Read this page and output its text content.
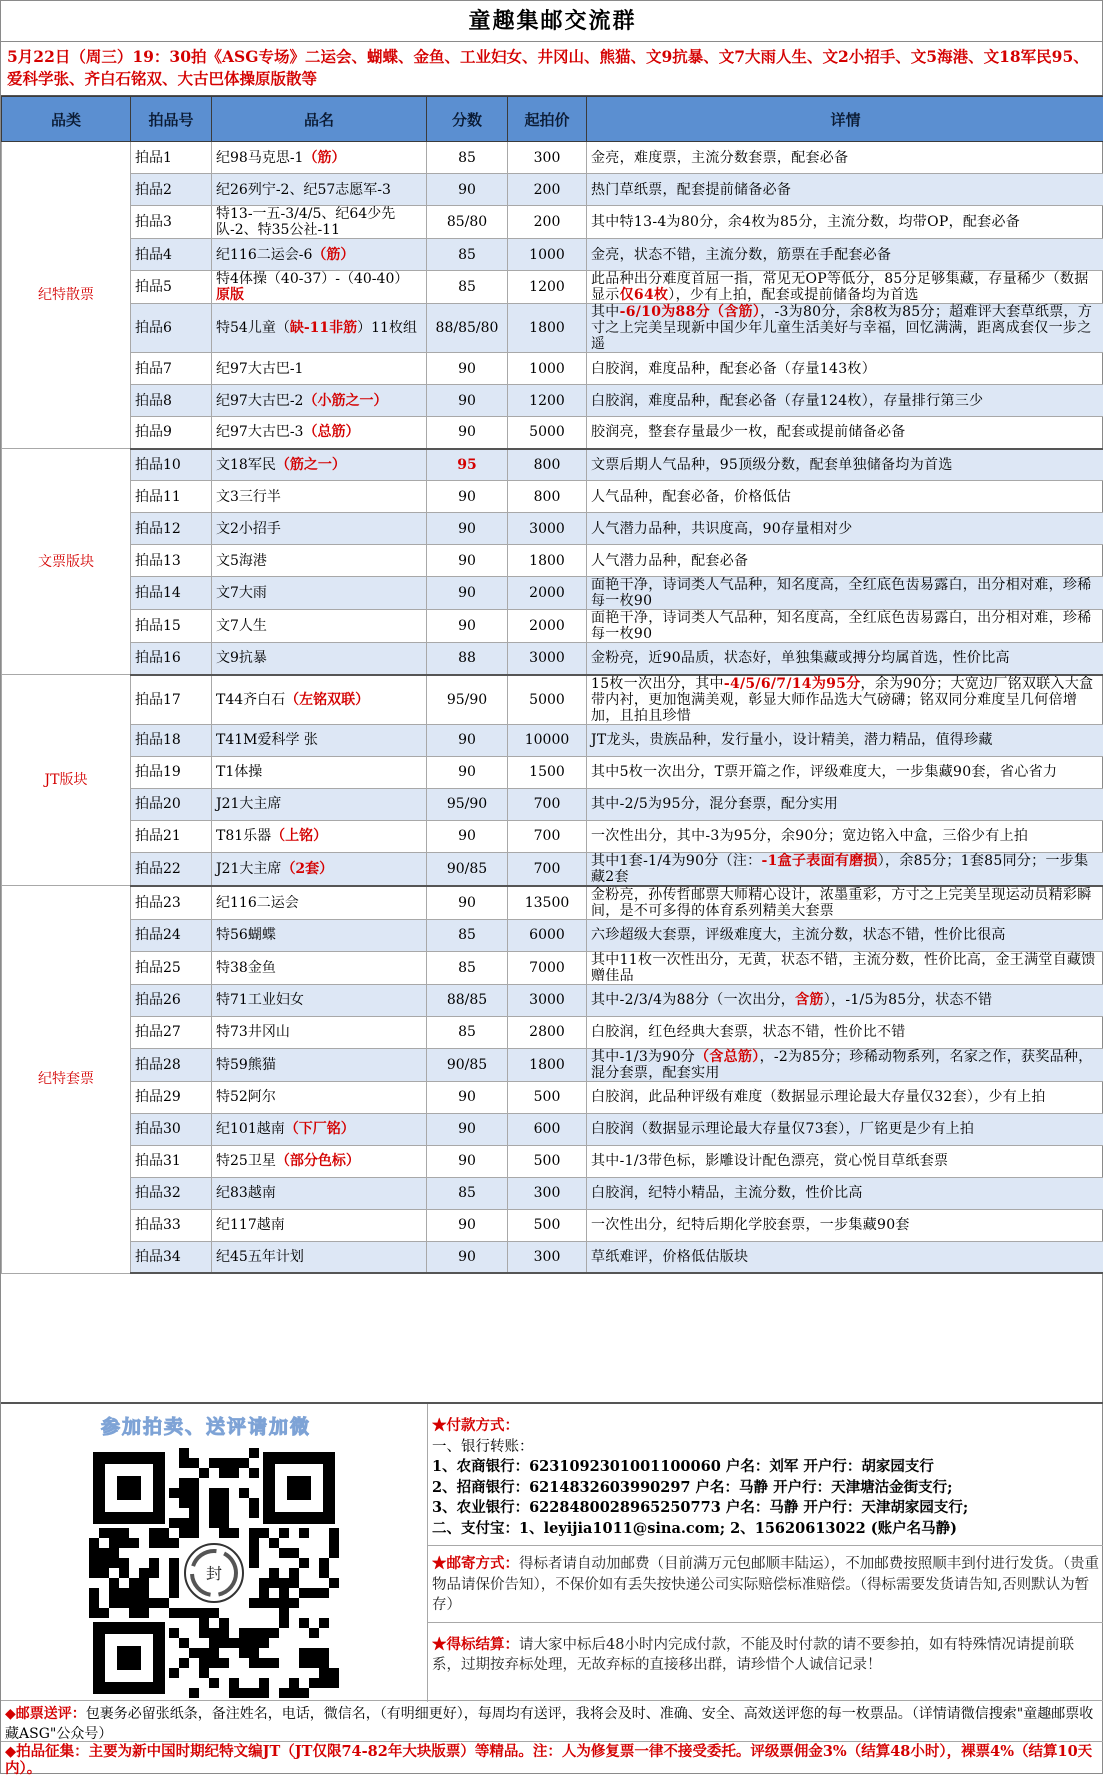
童趣集邮交流群
5月22日（周三）19：30拍《ASG专场》二运会、蝴蝶、金鱼、工业妇女、井冈山、熊猫、文9抗暴、文7大雨人生、文2小招手、文5海港、文18军民95、爱科学张、齐白石铭双、大古巴体操原版散等
品类	拍品号	品名	分数	起拍价	详情
纪特散票	拍品1	纪98马克思-1（筋）	85	300	金亮，难度票，主流分数套票，配套必备
	拍品2	纪26列宁-2、纪57志愿军-3	90	200	热门草纸票，配套提前储备必备
	拍品3	特13-一五-3/4/5、纪64少先队-2、特35公社-11	85/80	200	其中特13-4为80分，余4枚为85分，主流分数，均带OP，配套必备
	拍品4	纪116二运会-6（筋）	85	1000	金亮，状态不错，主流分数，筋票在手配套必备
	拍品5	特4体操（40-37）-（40-40）原版	85	1200	此品种出分难度首屈一指，常见无OP等低分，85分足够集藏，存量稀少（数据显示仅64枚），少有上拍，配套或提前储备均为首选
	拍品6	特54儿童（缺-11非筋）11枚组	88/85/80	1800	其中-6/10为88分（含筋），-3为80分，余8枚为85分；超难评大套草纸票，方寸之上完美呈现新中国少年儿童生活美好与幸福，回忆满满，距离成套仅一步之遥
	拍品7	纪97大古巴-1	90	1000	白胶润，难度品种，配套必备（存量143枚）
	拍品8	纪97大古巴-2（小筋之一）	90	1200	白胶润，难度品种，配套必备（存量124枚），存量排行第三少
	拍品9	纪97大古巴-3（总筋）	90	5000	胶润亮，整套存量最少一枚，配套或提前储备必备
文票版块	拍品10	文18军民（筋之一）	95	800	文票后期人气品种，95顶级分数，配套单独储备均为首选
	拍品11	文3三行半	90	800	人气品种，配套必备，价格低估
	拍品12	文2小招手	90	3000	人气潜力品种，共识度高，90存量相对少
	拍品13	文5海港	90	1800	人气潜力品种，配套必备
	拍品14	文7大雨	90	2000	面艳干净，诗词类人气品种，知名度高，全红底色齿易露白，出分相对难，珍稀每一枚90
	拍品15	文7人生	90	2000	面艳干净，诗词类人气品种，知名度高，全红底色齿易露白，出分相对难，珍稀每一枚90
	拍品16	文9抗暴	88	3000	金粉亮，近90品质，状态好，单独集藏或搏分均属首选，性价比高
JT版块	拍品17	T44齐白石（左铭双联）	95/90	5000	15枚一次出分，其中-4/5/6/7/14为95分，余为90分；大宽边厂铭双联入大盒带内衬，更加饱满美观，彰显大师作品选大气磅礴；铭双同分难度呈几何倍增加，且拍且珍惜
	拍品18	T41M爱科学 张	90	10000	JT龙头，贵族品种，发行量小，设计精美，潜力精品，值得珍藏
	拍品19	T1体操	90	1500	其中5枚一次出分，T票开篇之作，评级难度大，一步集藏90套，省心省力
	拍品20	J21大主席	95/90	700	其中-2/5为95分，混分套票，配分实用
	拍品21	T81乐器（上铭）	90	700	一次性出分，其中-3为95分，余90分；宽边铭入中盒，三俗少有上拍
	拍品22	J21大主席（2套）	90/85	700	其中1套-1/4为90分（注：-1盒子表面有磨损），余85分；1套85同分；一步集藏2套
纪特套票	拍品23	纪116二运会	90	13500	金粉亮，孙传哲邮票大师精心设计，浓墨重彩，方寸之上完美呈现运动员精彩瞬间，是不可多得的体育系列精美大套票
	拍品24	特56蝴蝶	85	6000	六珍超级大套票，评级难度大，主流分数，状态不错，性价比很高
	拍品25	特38金鱼	85	7000	其中11枚一次性出分，无黄，状态不错，主流分数，性价比高，金王满堂自藏馈赠佳品
	拍品26	特71工业妇女	88/85	3000	其中-2/3/4为88分（一次出分，含筋），-1/5为85分，状态不错
	拍品27	特73井冈山	85	2800	白胶润，红色经典大套票，状态不错，性价比不错
	拍品28	特59熊猫	90/85	1800	其中-1/3为90分（含总筋），-2为85分；珍稀动物系列，名家之作，获奖品种，混分套票，配套实用
	拍品29	特52阿尔	90	500	白胶润，此品种评级有难度（数据显示理论最大存量仅32套），少有上拍
	拍品30	纪101越南（下厂铭）	90	600	白胶润（数据显示理论最大存量仅73套），厂铭更是少有上拍
	拍品31	特25卫星（部分色标）	90	500	其中-1/3带色标，影雕设计配色漂亮，赏心悦目草纸套票
	拍品32	纪83越南	85	300	白胶润，纪特小精品，主流分数，性价比高
	拍品33	纪117越南	90	500	一次性出分，纪特后期化学胶套票，一步集藏90套
	拍品34	纪45五年计划	90	300	草纸难评，价格低估版块
参加拍卖、送评请加微
封
★付款方式：
一、银行转账：
1、农商银行：6231092301001100060 户名：刘军 开户行：胡家园支行
2、招商银行：6214832603990297 户名：马静 开户行：天津塘沽金街支行;
3、农业银行：6228480028965250773 户名：马静 开户行：天津胡家园支行;
二、支付宝：1、leyijia1011@sina.com; 2、15620613022 (账户名马静)
★邮寄方式：得标者请自动加邮费（目前满万元包邮顺丰陆运），不加邮费按照顺丰到付进行发货。（贵重物品请保价告知），不保价如有丢失按快递公司实际赔偿标准赔偿。（得标需要发货请告知,否则默认为暂存）
★得标结算：请大家中标后48小时内完成付款，不能及时付款的请不要参拍，如有特殊情况请提前联系，过期按弃标处理，无故弃标的直接移出群，请珍惜个人诚信记录！
◆邮票送评：包裹务必留张纸条，备注姓名，电话，微信名，（有明细更好），每周均有送评，我将会及时、准确、安全、高效送评您的每一枚票品。（详情请微信搜索"童趣邮票收藏ASG"公众号）
◆拍品征集：主要为新中国时期纪特文编JT（JT仅限74-82年大块版票）等精品。注：人为修复票一律不接受委托。评级票佣金3%（结算48小时），裸票4%（结算10天内）。
